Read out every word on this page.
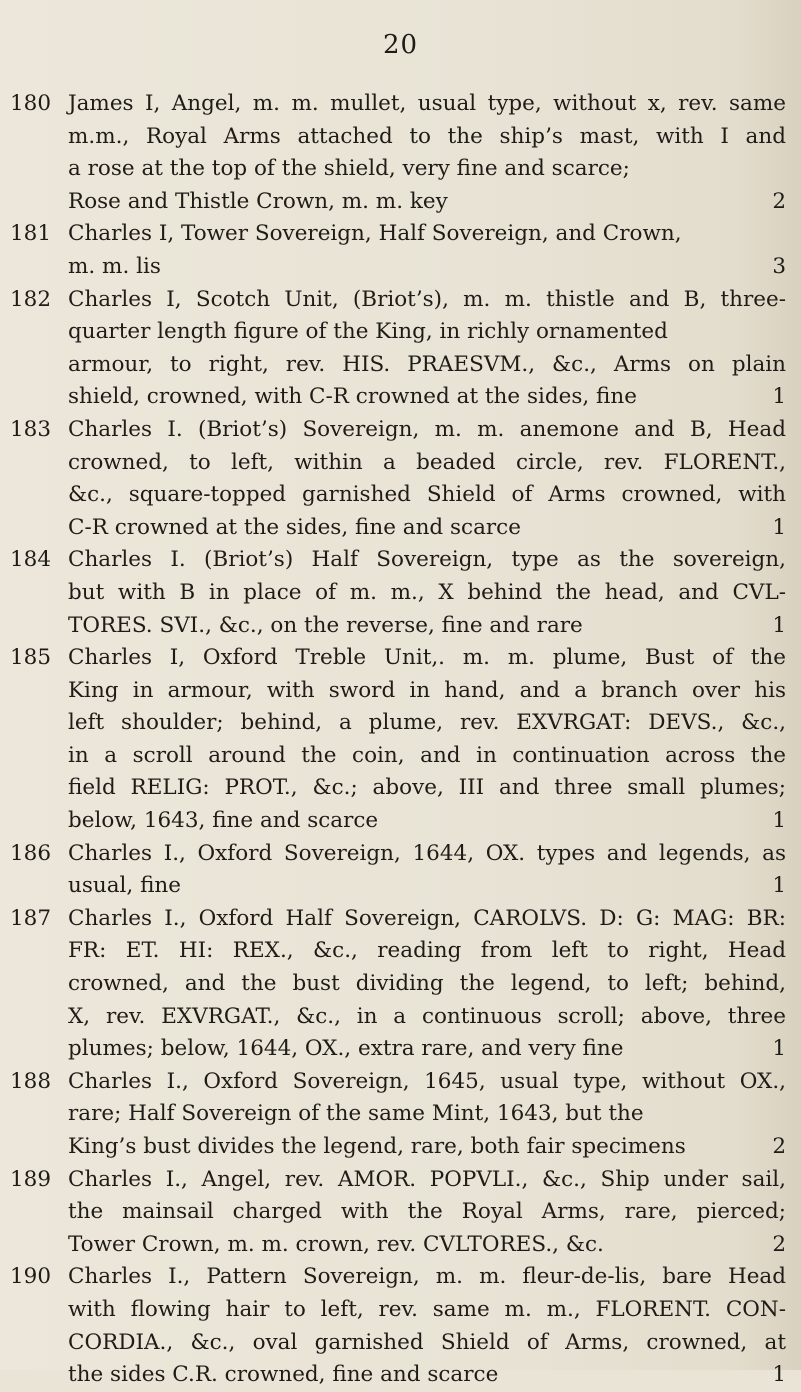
20
180 James I, Angel, m. m. mullet, usual type, without x, rev. same
m.m., Royal Arms attached to the ship’s mast, with I and
a rose at the top of the shield, very fine and scarce;
Rose and Thistle Crown, m. m. key	2
181 Charles I, Tower Sovereign, Half Sovereign, and Crown,
m. m. lis	3
182 Charles I, Scotch Unit, (Briot’s), m. m. thistle and B, three-
quarter length figure of the King, in richly ornamented
armour, to right, rev. HIS. PRAESVM., &c., Arms on plain
shield, crowned, with C-R crowned at the sides, fine	1
183 Charles I. (Briot’s) Sovereign, m. m. anemone and B, Head
crowned, to left, within a beaded circle, rev. FLORENT.,
&c., square-topped garnished Shield of Arms crowned, with
C-R crowned at the sides, fine and scarce	1
184 Charles I. (Briot’s) Half Sovereign, type as the sovereign,
but with B in place of m. m., X behind the head, and CVL-
TORES. SVI., &c., on the reverse, fine and rare	1
185 Charles I, Oxford Treble Unit,. m. m. plume, Bust of the
King in armour, with sword in hand, and a branch over his
left shoulder; behind, a plume, rev. EXVRGAT: DEVS., &c.,
in a scroll around the coin, and in continuation across the
field RELIG: PROT., &c.; above, III and three small plumes;
below, 1643, fine and scarce	1
186 Charles I., Oxford Sovereign, 1644, OX. types and legends, as
usual, fine	1
187 Charles I., Oxford Half Sovereign, CAROLVS. D: G: MAG: BR:
FR: ET. HI: REX., &c., reading from left to right, Head
crowned, and the bust dividing the legend, to left; behind,
X, rev. EXVRGAT., &c., in a continuous scroll; above, three
plumes; below, 1644, OX., extra rare, and very fine	1
188 Charles I., Oxford Sovereign, 1645, usual type, without OX.,
rare; Half Sovereign of the same Mint, 1643, but the
King’s bust divides the legend, rare, both fair specimens	2
189 Charles I., Angel, rev. AMOR. POPVLI., &c., Ship under sail,
the mainsail charged with the Royal Arms, rare, pierced;
Tower Crown, m. m. crown, rev. CVLTORES., &c.	2
190 Charles I., Pattern Sovereign, m. m. fleur-de-lis, bare Head
with flowing hair to left, rev. same m. m., FLORENT. CON-
CORDIA., &c., oval garnished Shield of Arms, crowned, at
the sides C.R. crowned, fine and scarce	1
